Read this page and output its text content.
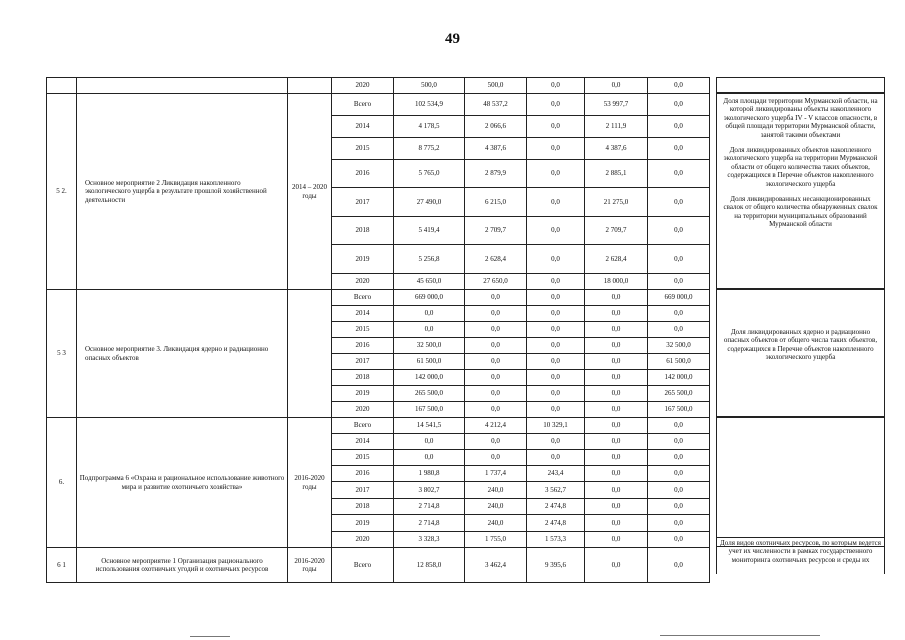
49
			2020	500,0	500,0	0,0	0,0	0,0
5 2.	Основное мероприятие 2 Ликвидация накопленного экологического ущерба в результате прошлой хозяйственной деятельности	2014 – 2020 годы	Всего	102 534,9	48 537,2	0,0	53 997,7	0,0
			2014	4 178,5	2 066,6	0,0	2 111,9	0,0
			2015	8 775,2	4 387,6	0,0	4 387,6	0,0
			2016	5 765,0	2 879,9	0,0	2 885,1	0,0
			2017	27 490,0	6 215,0	0,0	21 275,0	0,0
			2018	5 419,4	2 709,7	0,0	2 709,7	0,0
			2019	5 256,8	2 628,4	0,0	2 628,4	0,0
			2020	45 650,0	27 650,0	0,0	18 000,0	0,0
5 3	Основное мероприятие 3. Ликвидация ядерно и радиационно опасных объектов		Всего	669 000,0	0,0	0,0	0,0	669 000,0
			2014	0,0	0,0	0,0	0,0	0,0
			2015	0,0	0,0	0,0	0,0	0,0
			2016	32 500,0	0,0	0,0	0,0	32 500,0
			2017	61 500,0	0,0	0,0	0,0	61 500,0
			2018	142 000,0	0,0	0,0	0,0	142 000,0
			2019	265 500,0	0,0	0,0	0,0	265 500,0
			2020	167 500,0	0,0	0,0	0,0	167 500,0
6.	Подпрограмма 6 «Охрана и рациональное использование животного мира и развитие охотничьего хозяйства»	2016-2020 годы	Всего	14 541,5	4 212,4	10 329,1	0,0	0,0
			2014	0,0	0,0	0,0	0,0	0,0
			2015	0,0	0,0	0,0	0,0	0,0
			2016	1 980,8	1 737,4	243,4	0,0	0,0
			2017	3 802,7	240,0	3 562,7	0,0	0,0
			2018	2 714,8	240,0	2 474,8	0,0	0,0
			2019	2 714,8	240,0	2 474,8	0,0	0,0
			2020	3 328,3	1 755,0	1 573,3	0,0	0,0
6 1	Основное мероприятие 1 Организация рационального использования охотничьих угодий и охотничьих ресурсов	2016-2020 годы	Всего	12 858,0	3 462,4	9 395,6	0,0	0,0

Доля площади территории Мурманской области, на которой ликвидированы объекты накопленного экологического ущерба IV - V классов опасности, в общей площади территории Мурманской области, занятой такими объектами

Доля ликвидированных объектов накопленного экологического ущерба на территории Мурманской области от общего количества таких объектов, содержащихся в Перечне объектов накопленного экологического ущерба

Доля ликвидированных несанкционированных свалок от общего количества обнаруженных свалок на территории муниципальных образований Мурманской области

Доля ликвидированных ядерно и радиационно опасных объектов от общего числа таких объектов, содержащихся в Перечне объектов накопленного экологического ущерба

Доля видов охотничьих ресурсов, по которым ведется учет их численности в рамках государственного мониторинга охотничьих ресурсов и среды их
